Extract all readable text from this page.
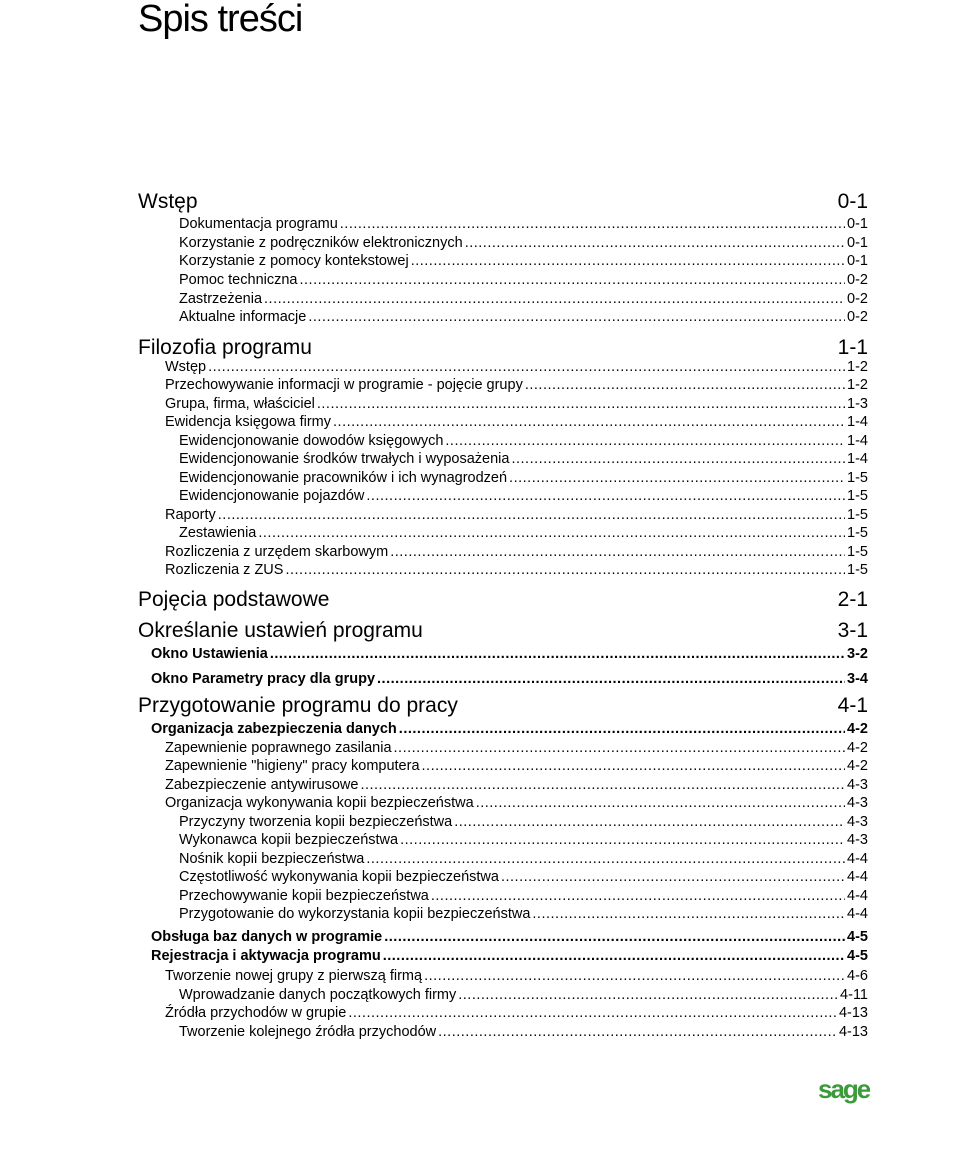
Spis treści
Wstęp	0-1
Dokumentacja programu .....	0-1
Korzystanie z podręczników elektronicznych .....	0-1
Korzystanie z pomocy kontekstowej .....	0-1
Pomoc techniczna .....	0-2
Zastrzeżenia .....	0-2
Aktualne informacje .....	0-2
Filozofia programu	1-1
Wstęp .....	1-2
Przechowywanie informacji w programie - pojęcie grupy .....	1-2
Grupa, firma, właściciel .....	1-3
Ewidencja księgowa firmy .....	1-4
Ewidencjonowanie dowodów księgowych .....	1-4
Ewidencjonowanie środków trwałych i wyposażenia .....	1-4
Ewidencjonowanie pracowników i ich wynagrodzeń .....	1-5
Ewidencjonowanie pojazdów .....	1-5
Raporty .....	1-5
Zestawienia .....	1-5
Rozliczenia z urzędem skarbowym .....	1-5
Rozliczenia z ZUS .....	1-5
Pojęcia podstawowe	2-1
Określanie ustawień programu	3-1
Okno Ustawienia .....	3-2
Okno Parametry pracy dla grupy .....	3-4
Przygotowanie programu do pracy	4-1
Organizacja zabezpieczenia danych .....	4-2
Zapewnienie poprawnego zasilania .....	4-2
Zapewnienie "higieny" pracy komputera .....	4-2
Zabezpieczenie antywirusowe .....	4-3
Organizacja wykonywania kopii bezpieczeństwa .....	4-3
Przyczyny tworzenia kopii bezpieczeństwa .....	4-3
Wykonawca kopii bezpieczeństwa .....	4-3
Nośnik kopii bezpieczeństwa .....	4-4
Częstotliwość wykonywania kopii bezpieczeństwa .....	4-4
Przechowywanie kopii bezpieczeństwa .....	4-4
Przygotowanie do wykorzystania kopii bezpieczeństwa .....	4-4
Obsługa baz danych w programie .....	4-5
Rejestracja i aktywacja programu .....	4-5
Tworzenie nowej grupy z pierwszą firmą .....	4-6
Wprowadzanie danych początkowych firmy .....	4-11
Źródła przychodów w grupie .....	4-13
Tworzenie kolejnego źródła przychodów .....	4-13
sage
